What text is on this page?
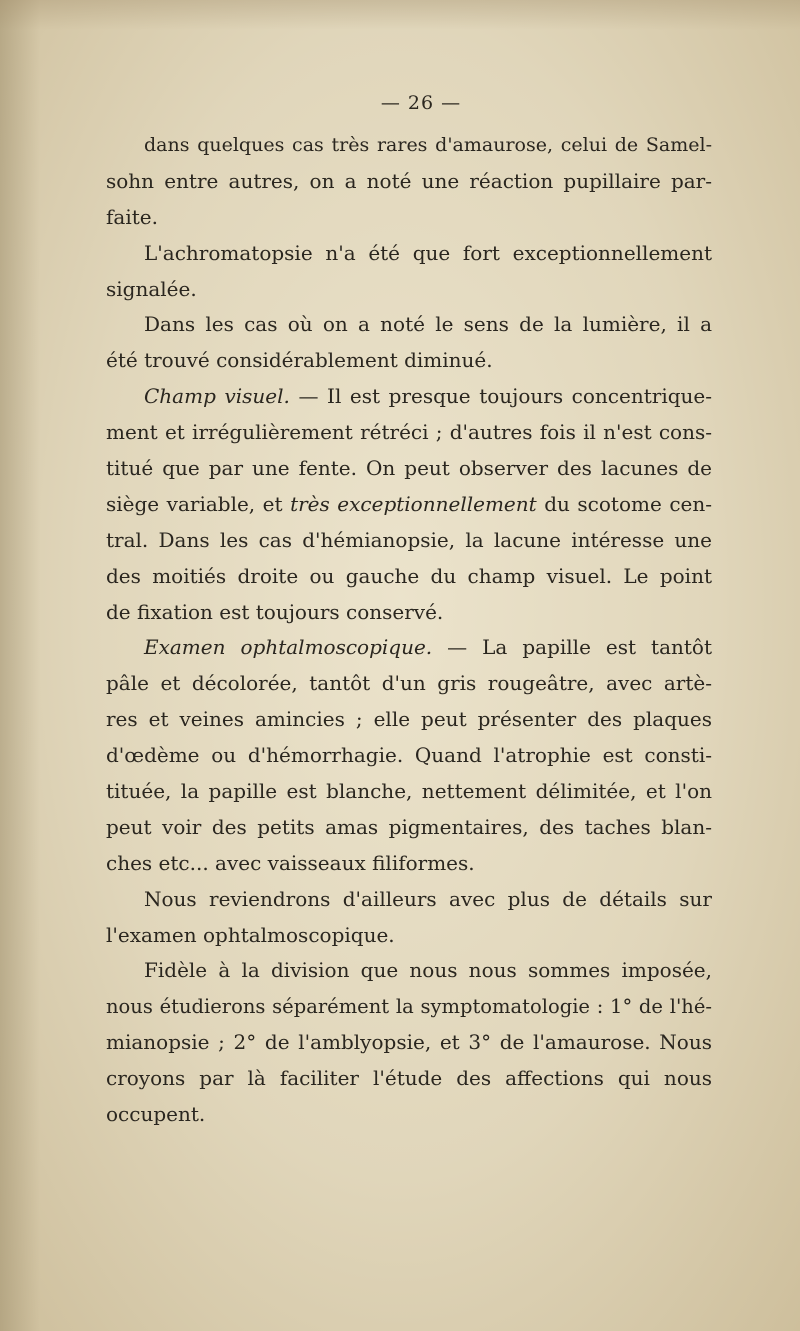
— 26 —
dans quelques cas très rares d'amaurose, celui de Samel-
sohn entre autres, on a noté une réaction pupillaire par-
faite.
L'achromatopsie n'a été que fort exceptionnellement
signalée.
Dans les cas où on a noté le sens de la lumière, il a
été trouvé considérablement diminué.
Champ visuel. — Il est presque toujours concentrique-
ment et irrégulièrement rétréci ; d'autres fois il n'est cons-
titué que par une fente. On peut observer des lacunes de
siège variable, et très exceptionnellement du scotome cen-
tral. Dans les cas d'hémianopsie, la lacune intéresse une
des moitiés droite ou gauche du champ visuel. Le point
de fixation est toujours conservé.
Examen ophtalmoscopique. — La papille est tantôt
pâle et décolorée, tantôt d'un gris rougeâtre, avec artè-
res et veines amincies ; elle peut présenter des plaques
d'œdème ou d'hémorrhagie. Quand l'atrophie est consti-
tituée, la papille est blanche, nettement délimitée, et l'on
peut voir des petits amas pigmentaires, des taches blan-
ches etc... avec vaisseaux filiformes.
Nous reviendrons d'ailleurs avec plus de détails sur
l'examen ophtalmoscopique.
Fidèle à la division que nous nous sommes imposée,
nous étudierons séparément la symptomatologie : 1° de l'hé-
mianopsie ; 2° de l'amblyopsie, et 3° de l'amaurose. Nous
croyons par là faciliter l'étude des affections qui nous
occupent.
